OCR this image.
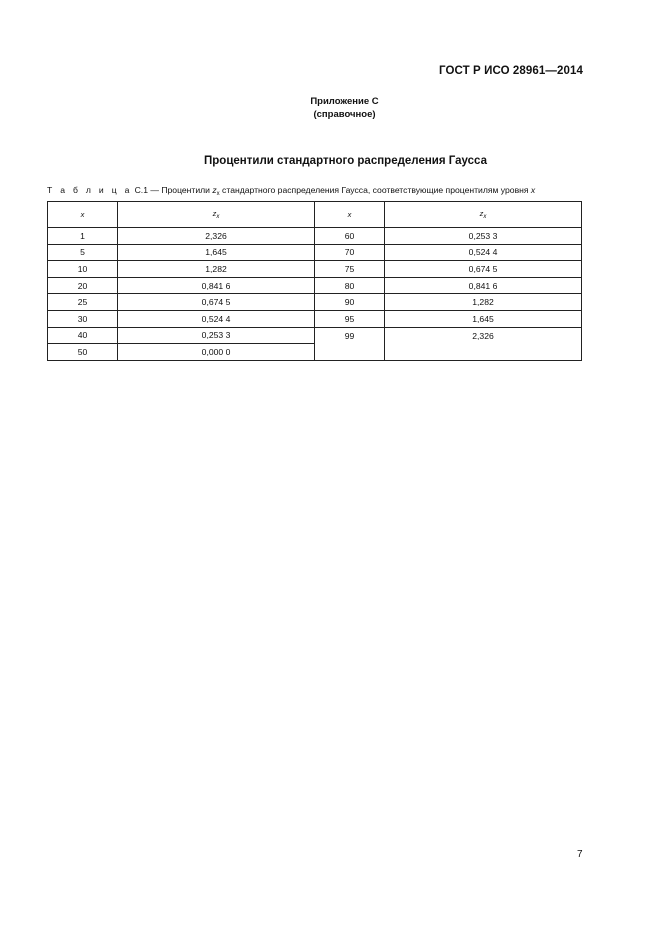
ГОСТ Р ИСО 28961—2014
Приложение С
(справочное)
Процентили стандартного распределения Гаусса
Т а б л и ц а С.1 — Процентили $z_x$ стандартного распределения Гаусса, соответствующие процентилям уровня x
x	$z_x$	x	$z_x$
1	2,326	60	0,253 3
5	1,645	70	0,524 4
10	1,282	75	0,674 5
20	0,841 6	80	0,841 6
25	0,674 5	90	1,282
30	0,524 4	95	1,645
40	0,253 3	99	2,326
50	0,000 0		
7
